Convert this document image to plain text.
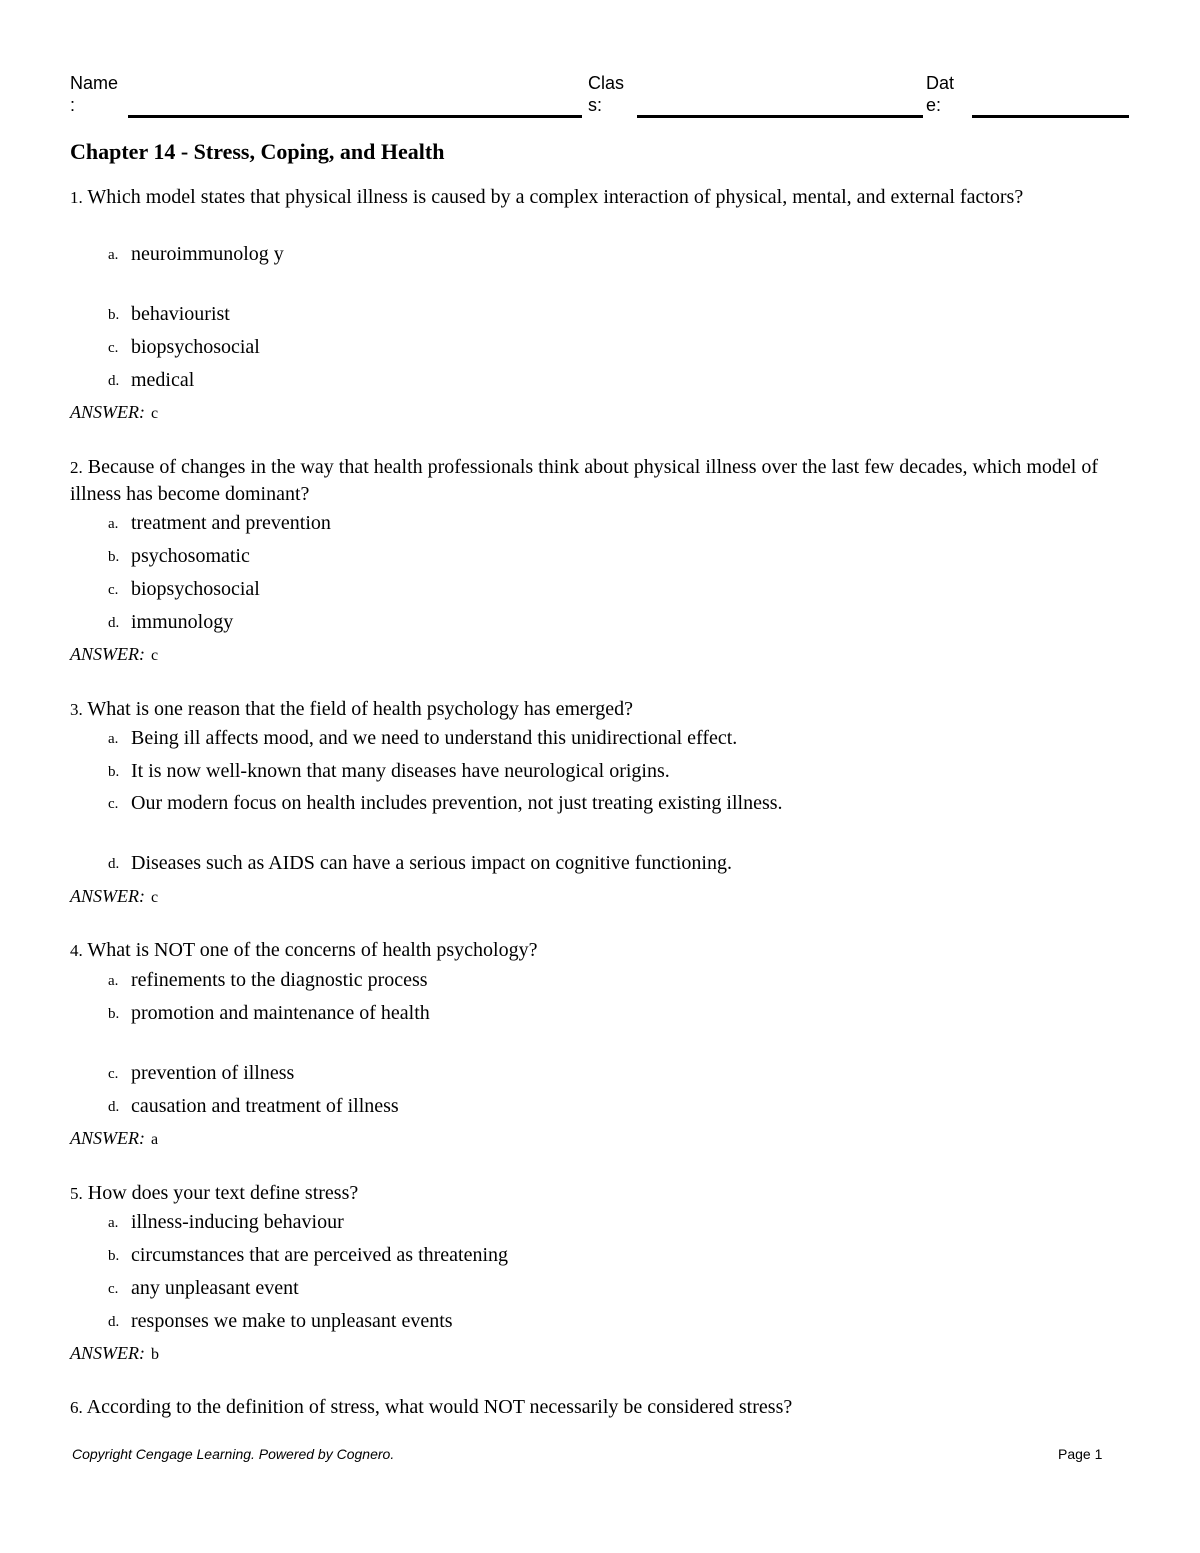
Name
:
Clas
s:
Dat
e:
Chapter 14 - Stress, Coping, and Health
1. Which model states that physical illness is caused by a complex interaction of physical, mental, and external factors?
a. neuroimmunolog y
b. behaviourist
c. biopsychosocial
d. medical
ANSWER: c
2. Because of changes in the way that health professionals think about physical illness over the last few decades, which model of illness has become dominant?
a. treatment and prevention
b. psychosomatic
c. biopsychosocial
d. immunology
ANSWER: c
3. What is one reason that the field of health psychology has emerged?
a. Being ill affects mood, and we need to understand this unidirectional effect.
b. It is now well-known that many diseases have neurological origins.
c. Our modern focus on health includes prevention, not just treating existing illness.
d. Diseases such as AIDS can have a serious impact on cognitive functioning.
ANSWER: c
4. What is NOT one of the concerns of health psychology?
a. refinements to the diagnostic process
b. promotion and maintenance of health
c. prevention of illness
d. causation and treatment of illness
ANSWER: a
5. How does your text define stress?
a. illness-inducing behaviour
b. circumstances that are perceived as threatening
c. any unpleasant event
d. responses we make to unpleasant events
ANSWER: b
6. According to the definition of stress, what would NOT necessarily be considered stress?
Copyright Cengage Learning. Powered by Cognero.	Page 1
